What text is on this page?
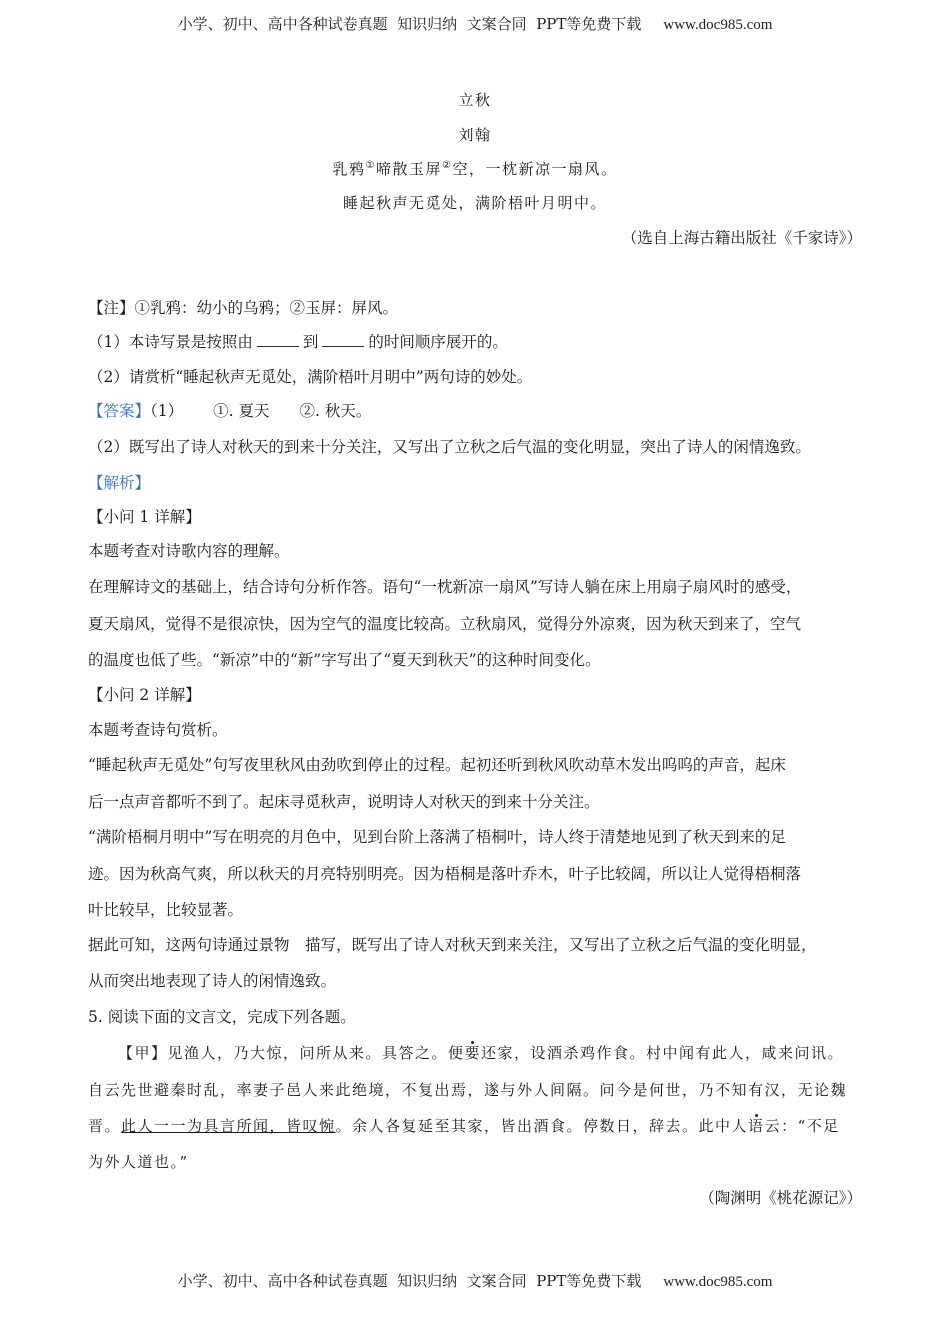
小学、初中、高中各种试卷真题  知识归纳  文案合同  PPT等免费下载 www.doc985.com
立秋
刘翰
乳鸦①啼散玉屏②空，一枕新凉一扇风。
睡起秋声无觅处，满阶梧叶月明中。
（选自上海古籍出版社《千家诗》）
【注】①乳鸦：幼小的乌鸦；②玉屏：屏风。
（1）本诗写景是按照由	到	的时间顺序展开的。
（2）请赏析“睡起秋声无觅处，满阶梧叶月明中”两句诗的妙处。
【答案】（1） ①. 夏天 ②. 秋天。
（2）既写出了诗人对秋天的到来十分关注，又写出了立秋之后气温的变化明显，突出了诗人的闲情逸致。
【解析】
【小问 1 详解】
本题考查对诗歌内容的理解。
在理解诗文的基础上，结合诗句分析作答。语句“一枕新凉一扇风”写诗人躺在床上用扇子扇风时的感受，
夏天扇风，觉得不是很凉快，因为空气的温度比较高。立秋扇风，觉得分外凉爽，因为秋天到来了，空气
的温度也低了些。“新凉”中的“新”字写出了“夏天到秋天”的这种时间变化。
【小问 2 详解】
本题考查诗句赏析。
“睡起秋声无觅处”句写夜里秋风由劲吹到停止的过程。起初还听到秋风吹动草木发出呜呜的声音，起床
后一点声音都听不到了。起床寻觅秋声，说明诗人对秋天的到来十分关注。
“满阶梧桐月明中”写在明亮的月色中，见到台阶上落满了梧桐叶，诗人终于清楚地见到了秋天到来的足
迹。因为秋高气爽，所以秋天的月亮特别明亮。因为梧桐是落叶乔木，叶子比较阔，所以让人觉得梧桐落
叶比较早，比较显著。
据此可知，这两句诗通过景物　描写，既写出了诗人对秋天到来关注，又写出了立秋之后气温的变化明显，
从而突出地表现了诗人的闲情逸致。
5. 阅读下面的文言文，完成下列各题。
【甲】见渔人，乃大惊，问所从来。具答之。便要还家，设酒杀鸡作食。村中闻有此人，咸来问讯。
自云先世避秦时乱，率妻子邑人来此绝境，不复出焉，遂与外人间隔。问今是何世，乃不知有汉，无论魏
晋。此人一一为具言所闻，皆叹惋。余人各复延至其家，皆出酒食。停数日，辞去。此中人语云：“不足
为外人道也。”
（陶渊明《桃花源记》）
小学、初中、高中各种试卷真题  知识归纳  文案合同  PPT等免费下载 www.doc985.com
